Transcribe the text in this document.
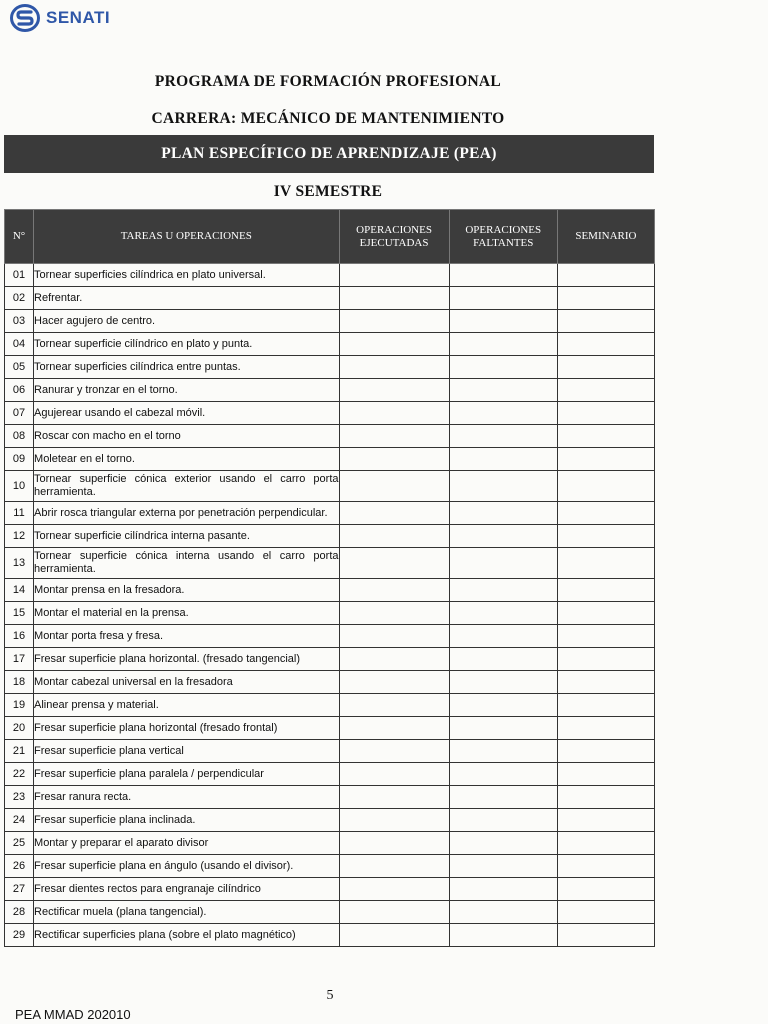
SENATI
PROGRAMA DE FORMACIÓN PROFESIONAL
CARRERA: MECÁNICO DE MANTENIMIENTO
PLAN ESPECÍFICO DE APRENDIZAJE (PEA)
IV SEMESTRE
N°	TAREAS U OPERACIONES	OPERACIONES EJECUTADAS	OPERACIONES FALTANTES	SEMINARIO
01	Tornear superficies cilíndrica en plato universal.			
02	Refrentar.			
03	Hacer agujero de centro.			
04	Tornear superficie cilíndrico en plato y punta.			
05	Tornear superficies cilíndrica entre puntas.			
06	Ranurar y tronzar en el torno.			
07	Agujerear usando el cabezal móvil.			
08	Roscar con macho en el torno			
09	Moletear en el torno.			
10	Tornear superficie cónica exterior usando el carro porta herramienta.			
11	Abrir rosca triangular externa por penetración perpendicular.			
12	Tornear superficie cilíndrica interna pasante.			
13	Tornear superficie cónica interna usando el carro porta herramienta.			
14	Montar prensa en la fresadora.			
15	Montar el material en la prensa.			
16	Montar porta fresa y fresa.			
17	Fresar superficie plana horizontal. (fresado tangencial)			
18	Montar cabezal universal en la fresadora			
19	Alinear prensa y material.			
20	Fresar superficie plana horizontal (fresado frontal)			
21	Fresar superficie plana vertical			
22	Fresar superficie plana paralela / perpendicular			
23	Fresar ranura recta.			
24	Fresar superficie plana inclinada.			
25	Montar y preparar el aparato divisor			
26	Fresar superficie plana en ángulo (usando el divisor).			
27	Fresar dientes rectos para engranaje cilíndrico			
28	Rectificar muela (plana tangencial).			
29	Rectificar superficies plana (sobre el plato magnético)			
5
PEA MMAD 202010
